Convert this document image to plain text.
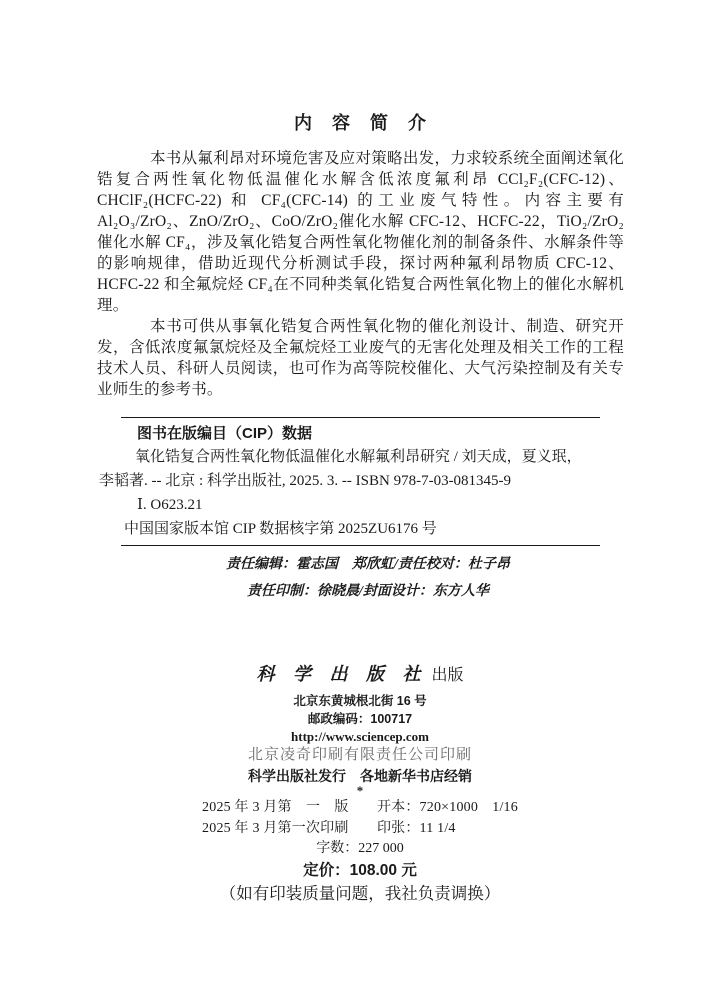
内　容　简　介

本书从氟利昂对环境危害及应对策略出发，力求较系统全面阐述氧化锆复合两性氧化物低温催化水解含低浓度氟利昂 CCl₂F₂(CFC-12)、CHClF₂(HCFC-22) 和 CF₄(CFC-14) 的工业废气特性。内容主要有Al₂O₃/ZrO₂、ZnO/ZrO₂、CoO/ZrO₂催化水解 CFC-12、HCFC-22，TiO₂/ZrO₂催化水解 CF₄，涉及氧化锆复合两性氧化物催化剂的制备条件、水解条件等的影响规律，借助近现代分析测试手段，探讨两种氟利昂物质 CFC-12、HCFC-22 和全氟烷烃 CF₄在不同种类氧化锆复合两性氧化物上的催化水解机理。

本书可供从事氧化锆复合两性氧化物的催化剂设计、制造、研究开发，含低浓度氟氯烷烃及全氟烷烃工业废气的无害化处理及相关工作的工程技术人员、科研人员阅读，也可作为高等院校催化、大气污染控制及有关专业师生的参考书。

图书在版编目（CIP）数据
氧化锆复合两性氧化物低温催化水解氟利昂研究 / 刘天成，夏义珉，
李韬著. -- 北京 : 科学出版社, 2025. 3. -- ISBN 978-7-03-081345-9
Ⅰ. O623.21
中国国家版本馆 CIP 数据核字第 2025ZU6176 号
责任编辑：霍志国　郑欣虹/责任校对：杜子昂
责任印制：徐晓晨/封面设计：东方人华
科 学 出 版 社 出版
北京东黄城根北街 16 号
邮政编码：100717
http://www.sciencep.com
北京凌奇印刷有限责任公司印刷
科学出版社发行　各地新华书店经销
*
2025 年 3 月第　一　版　　开本：720×1000　1/16
2025 年 3 月第一次印刷　　印张：11 1/4
字数：227 000
定价：108.00 元
（如有印装质量问题，我社负责调换）
